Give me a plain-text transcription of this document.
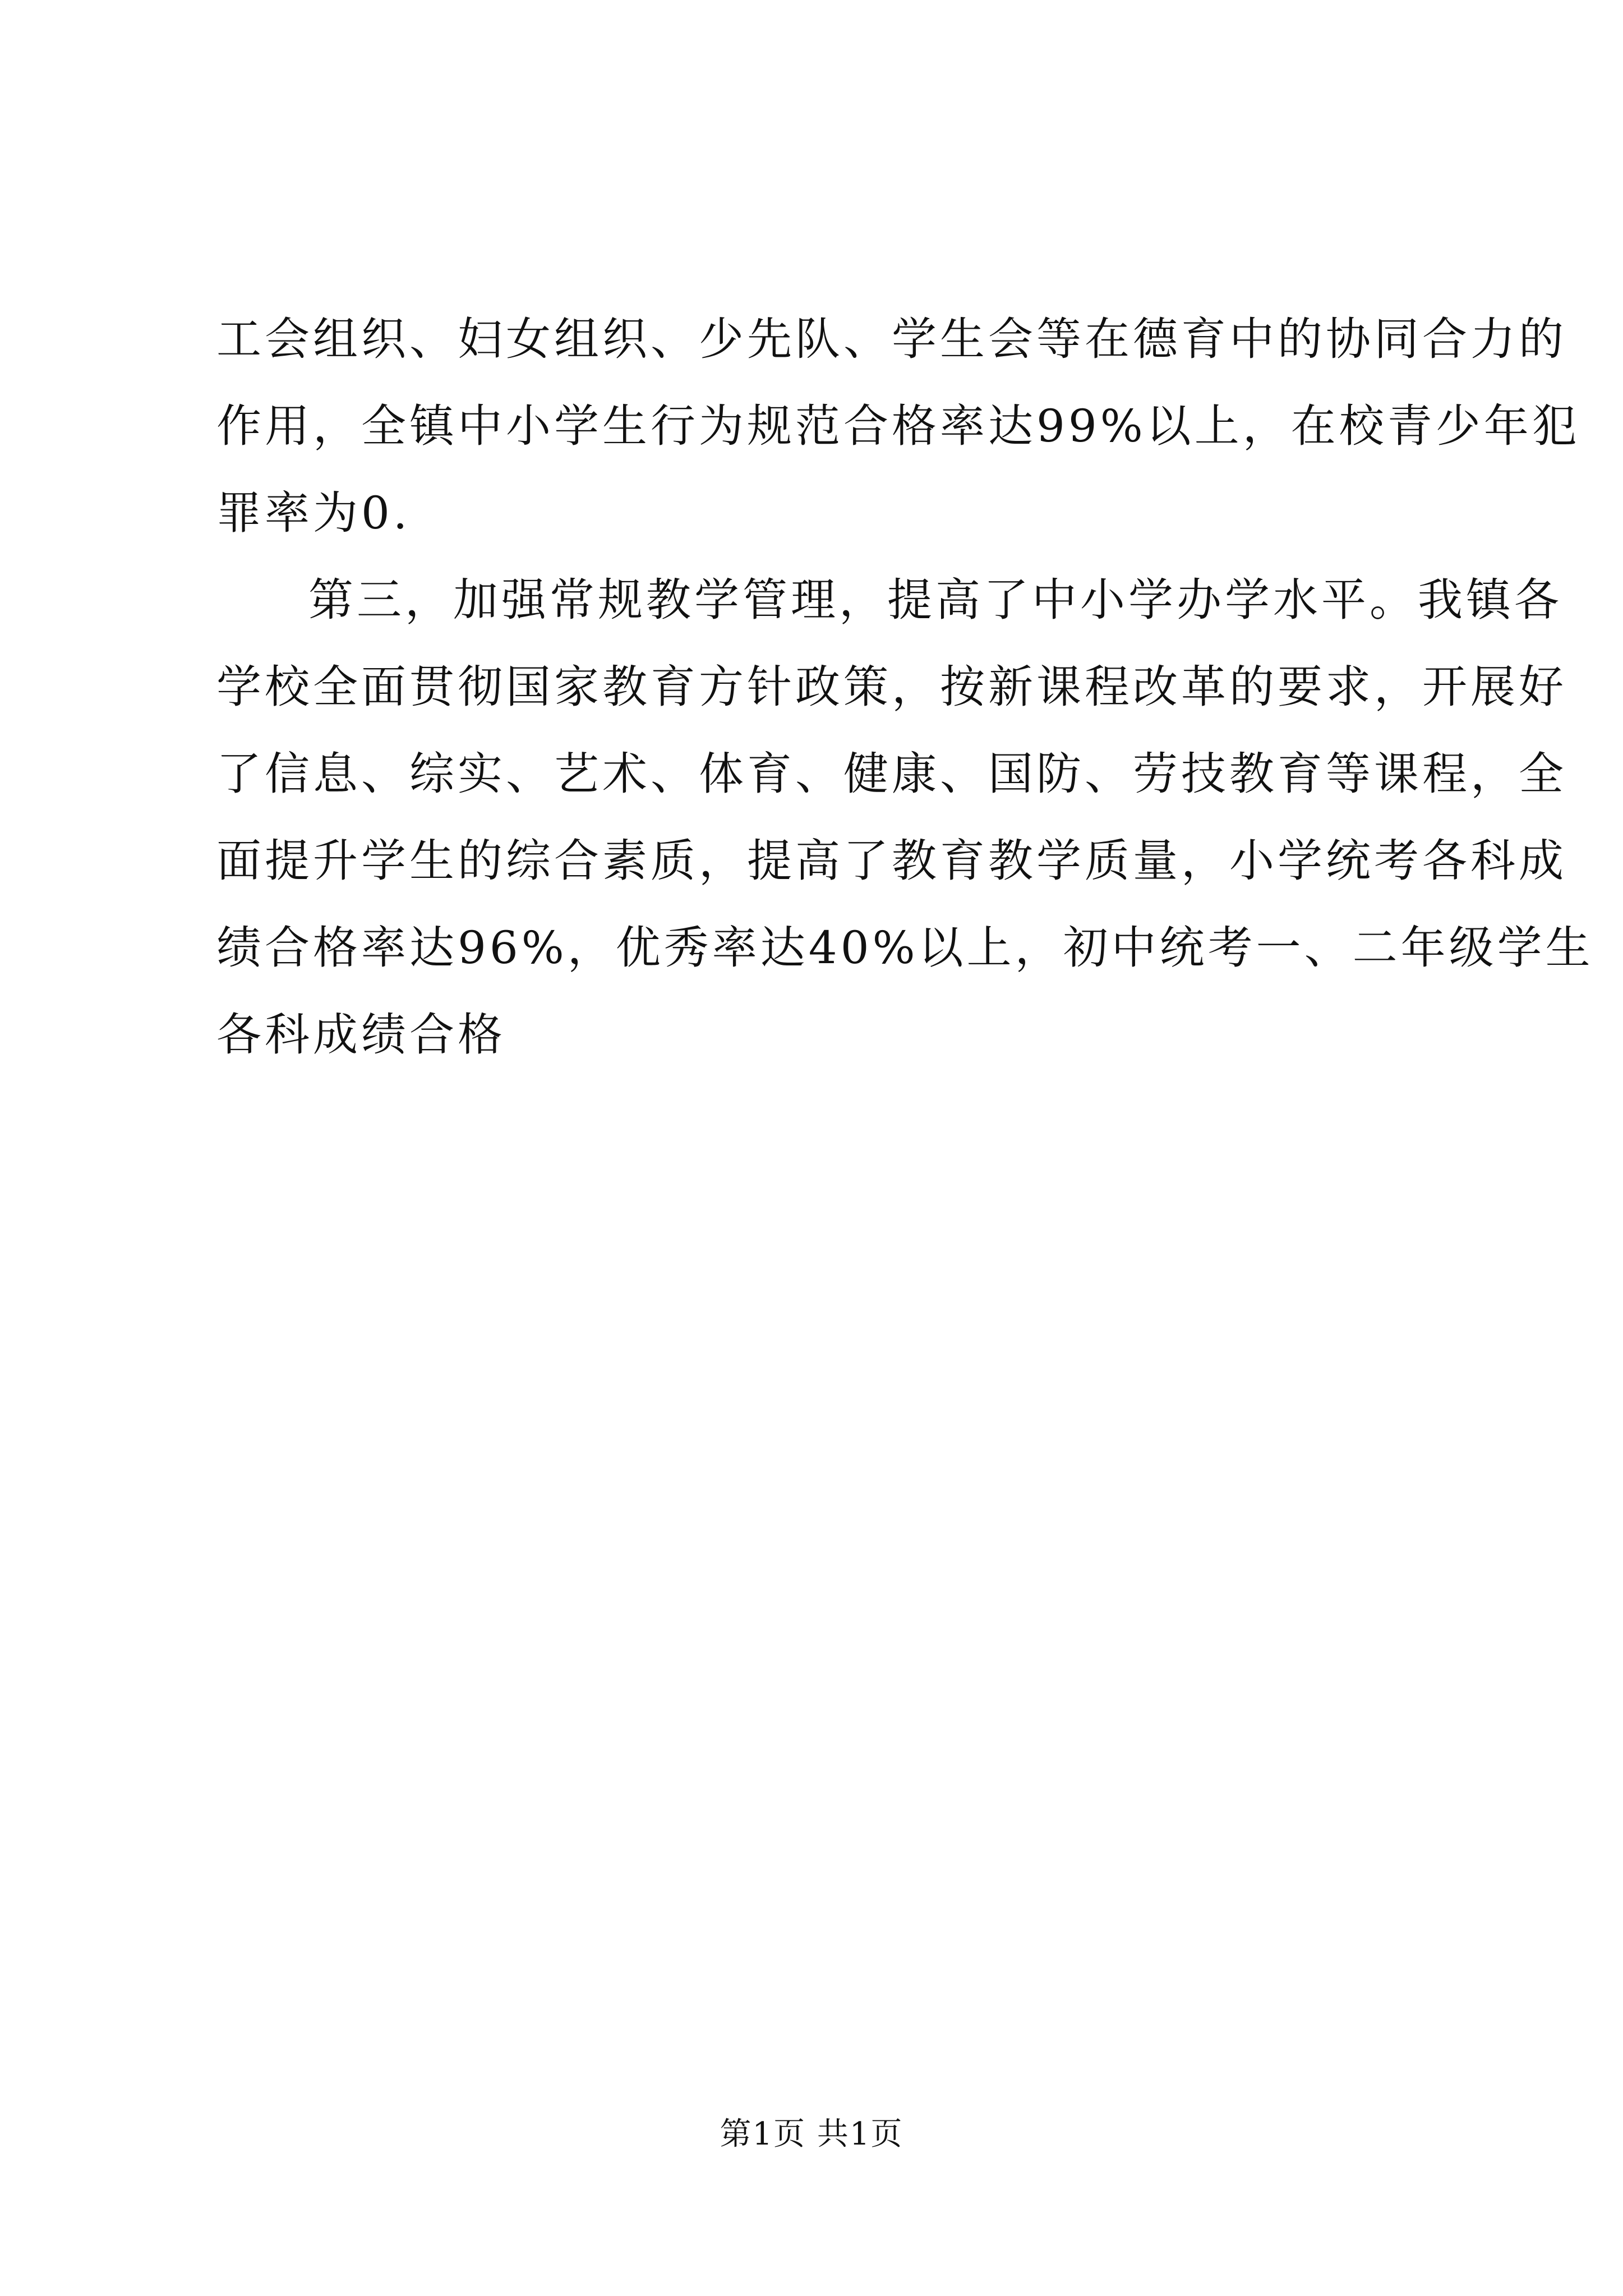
工会组织、妇女组织、少先队、学生会等在德育中的协同合力的
作用，全镇中小学生行为规范合格率达99%以上，在校青少年犯
罪率为0.
第三，加强常规教学管理，提高了中小学办学水平。我镇各
学校全面贯彻国家教育方针政策，按新课程改革的要求，开展好
了信息、综实、艺术、体育、健康、国防、劳技教育等课程，全
面提升学生的综合素质，提高了教育教学质量，小学统考各科成
绩合格率达96%，优秀率达40%以上，初中统考一、二年级学生
各科成绩合格
第1页 共1页
